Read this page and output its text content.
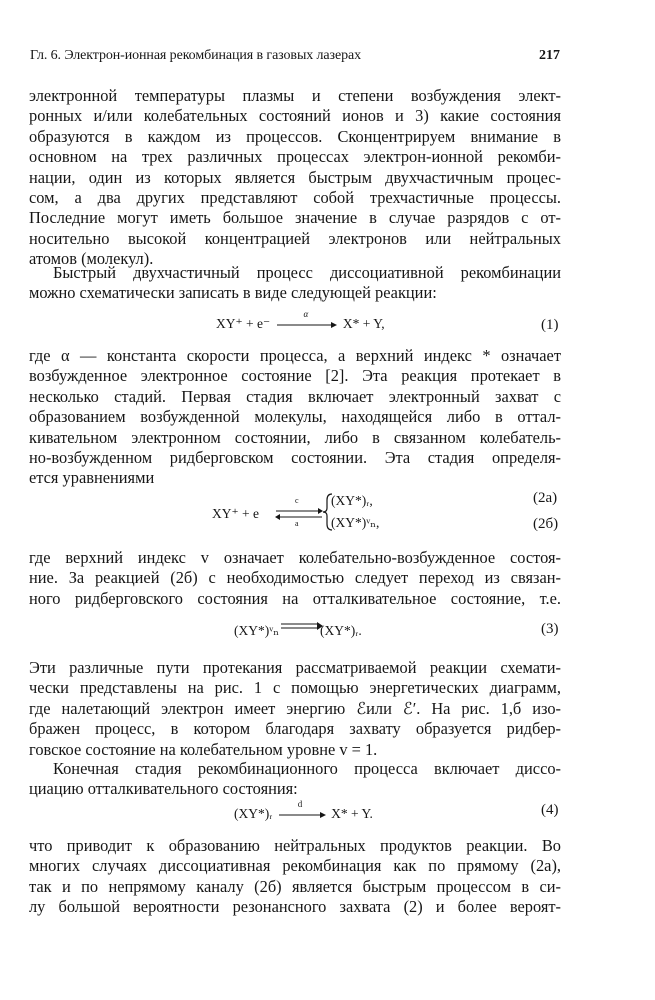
Гл. 6. Электрон-ионная рекомбинация в газовых лазерах	217
электронной температуры плазмы и степени возбуждения элект-
ронных и/или колебательных состояний ионов и 3) какие состояния
образуются в каждом из процессов. Сконцентрируем внимание в
основном на трех различных процессах электрон-ионной рекомби-
нации, один из которых является быстрым двухчастичным процес-
сом, а два других представляют собой трехчастичные процессы.
Последние могут иметь большое значение в случае разрядов с от-
носительно высокой концентрацией электронов или нейтральных
атомов (молекул).
Быстрый двухчастичный процесс диссоциативной рекомбинации
можно схематически записать в виде следующей реакции:
XY⁺ + e⁻
α
X* + Y,	(1)
где α — константа скорости процесса, а верхний индекс * означает
возбужденное электронное состояние [2]. Эта реакция протекает в
несколько стадий. Первая стадия включает электронный захват с
образованием возбужденной молекулы, находящейся либо в оттал-
кивательном электронном состоянии, либо в связанном колебатель-
но-возбужденном ридберговском состоянии. Эта стадия определя-
ется уравнениями
XY⁺ + e ⇌
c
a
(XY*)ᵣ,
(XY*)ᵛₙ,
(2а)
(2б)
где верхний индекс v означает колебательно-возбужденное состоя-
ние. За реакцией (2б) с необходимостью следует переход из связан-
ного ридберговского состояния на отталкивательное состояние, т.е.
(XY*)ᵛₙ	(XY*)ᵣ.	(3)
Эти различные пути протекания рассматриваемой реакции схемати-
чески представлены на рис. 1 с помощью энергетических диаграмм,
где налетающий электрон имеет энергию ℰили ℰ′. На рис. 1,б изо-
бражен процесс, в котором благодаря захвату образуется ридбер-
говское состояние на колебательном уровне v = 1.
Конечная стадия рекомбинационного процесса включает диссо-
циацию отталкивательного состояния:
(XY*)ᵣ
d
X* + Y.	(4)
что приводит к образованию нейтральных продуктов реакции. Во
многих случаях диссоциативная рекомбинация как по прямому (2а),
так и по непрямому каналу (2б) является быстрым процессом в си-
лу большой вероятности резонансного захвата (2) и более вероят-
